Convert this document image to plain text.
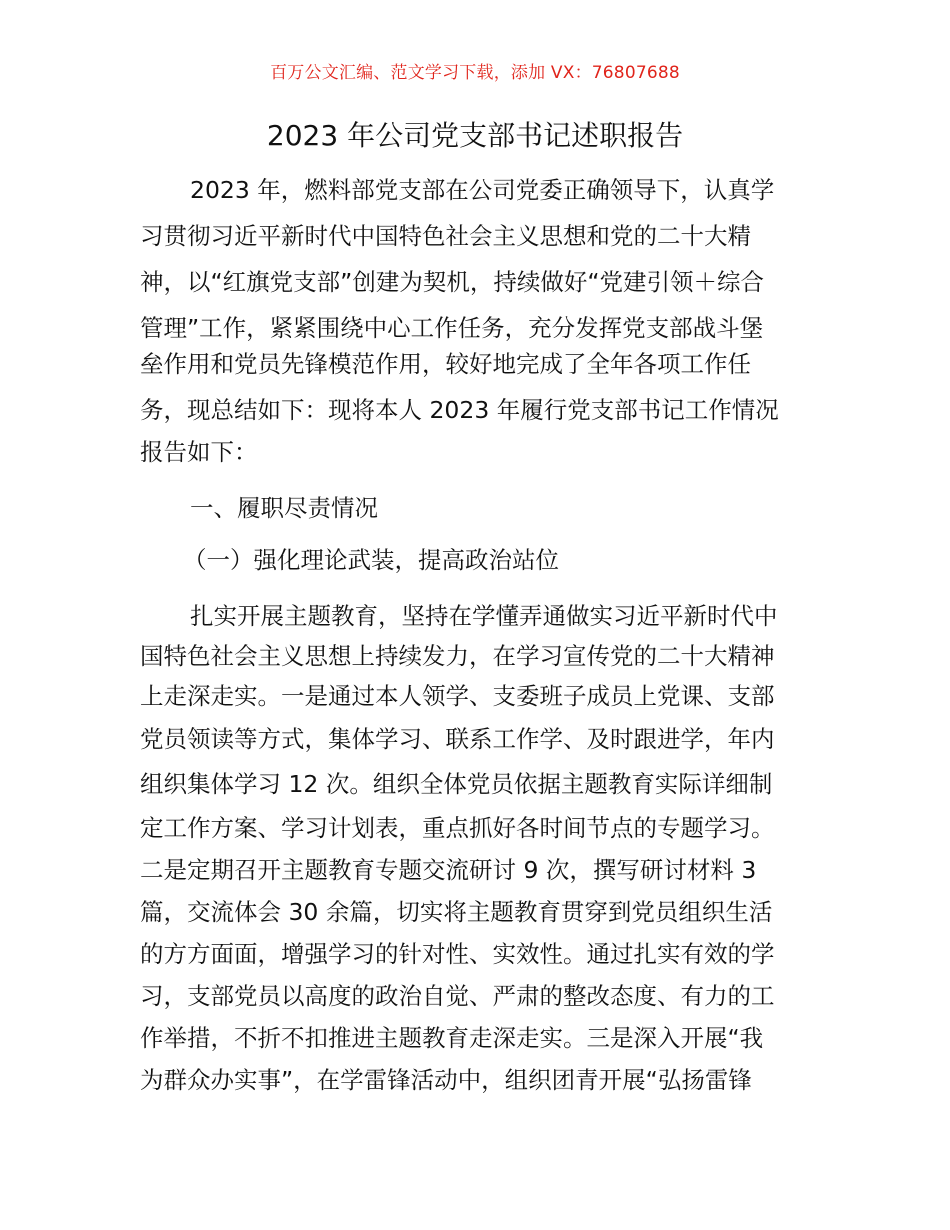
百万公文汇编、范文学习下载，添加 VX：76807688
2023 年公司党支部书记述职报告
2023 年，燃料部党支部在公司党委正确领导下，认真学
习贯彻习近平新时代中国特色社会主义思想和党的二十大精
神，以“红旗党支部”创建为契机，持续做好“党建引领＋综合
管理”工作，紧紧围绕中心工作任务，充分发挥党支部战斗堡
垒作用和党员先锋模范作用，较好地完成了全年各项工作任
务，现总结如下：现将本人 2023 年履行党支部书记工作情况
报告如下：
一、履职尽责情况
（一）强化理论武装，提高政治站位
扎实开展主题教育，坚持在学懂弄通做实习近平新时代中
国特色社会主义思想上持续发力，在学习宣传党的二十大精神
上走深走实。一是通过本人领学、支委班子成员上党课、支部
党员领读等方式，集体学习、联系工作学、及时跟进学，年内
组织集体学习 12 次。组织全体党员依据主题教育实际详细制
定工作方案、学习计划表，重点抓好各时间节点的专题学习。
二是定期召开主题教育专题交流研讨 9 次，撰写研讨材料 3
篇，交流体会 30 余篇，切实将主题教育贯穿到党员组织生活
的方方面面，增强学习的针对性、实效性。通过扎实有效的学
习，支部党员以高度的政治自觉、严肃的整改态度、有力的工
作举措，不折不扣推进主题教育走深走实。三是深入开展“我
为群众办实事”，在学雷锋活动中，组织团青开展“弘扬雷锋
